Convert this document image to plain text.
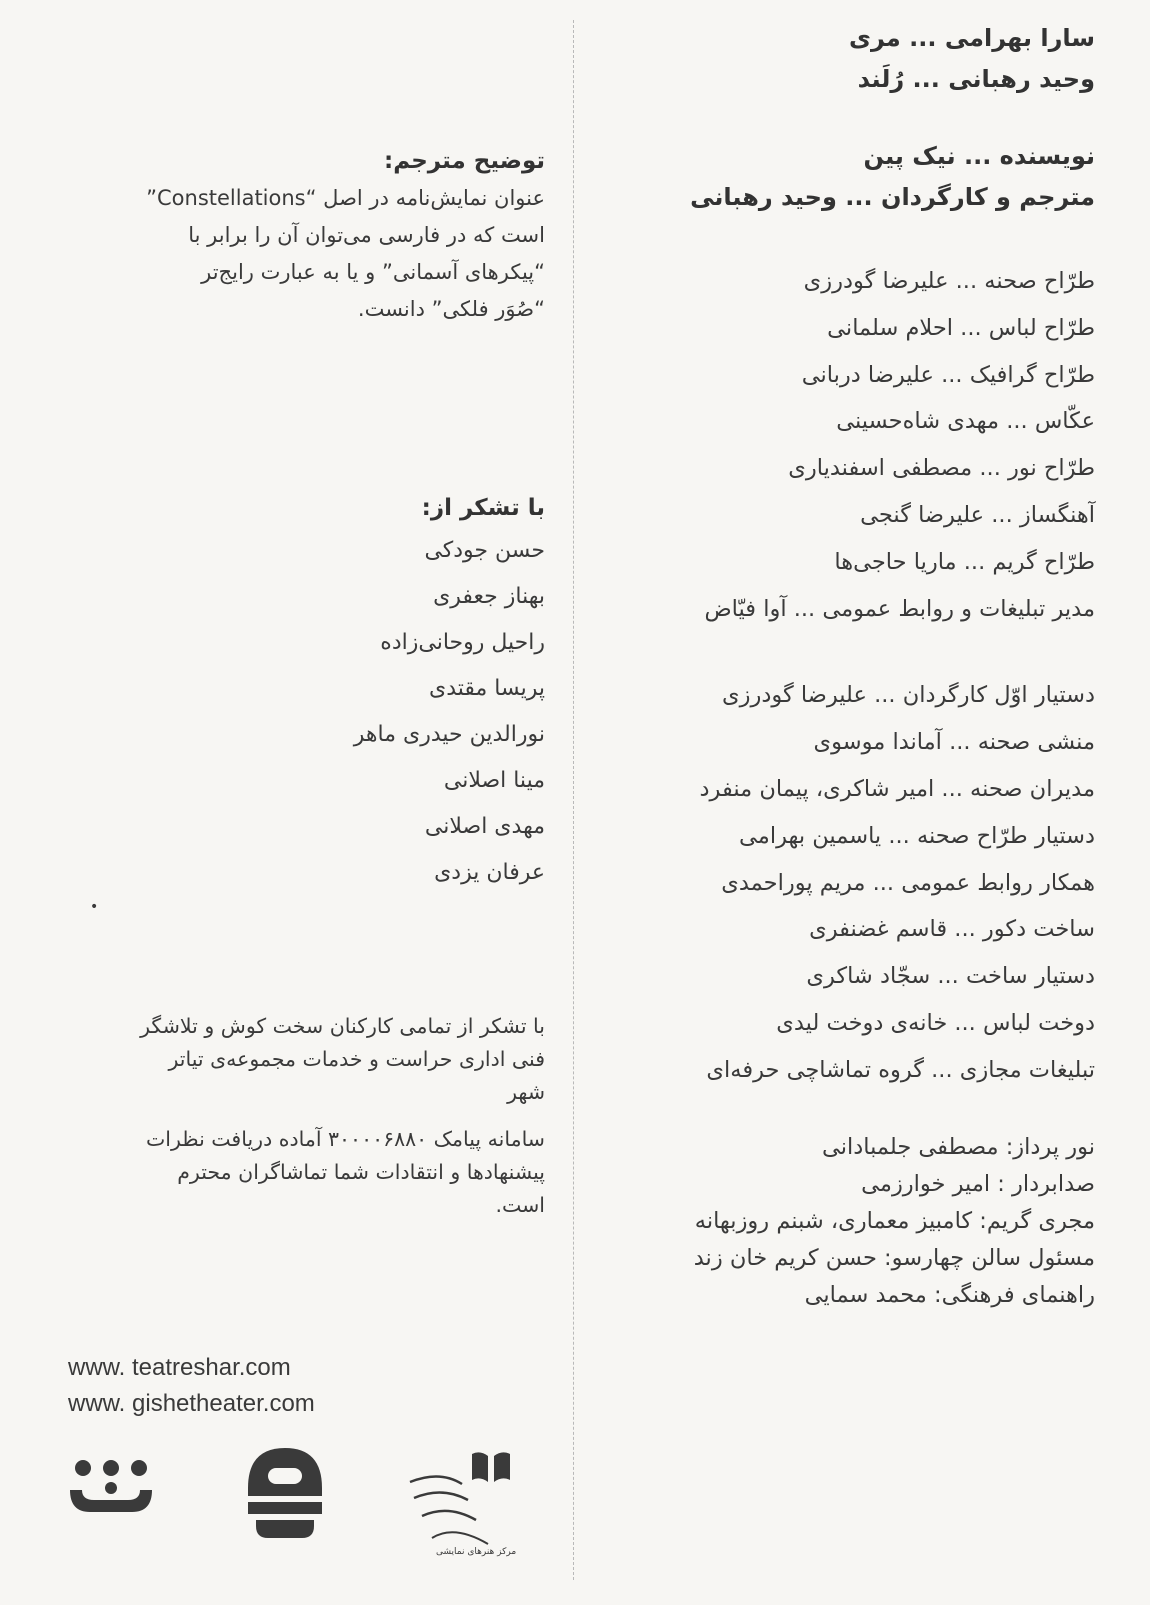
سارا بهرامی ... مری
وحید رهبانی ... رُلَند
نویسنده ... نیک پین
مترجم و کارگردان ... وحید رهبانی
طرّاح صحنه ... علیرضا گودرزی
طرّاح لباس ... احلام سلمانی
طرّاح گرافیک ... علیرضا دربانی
عکّاس ... مهدی شاه‌حسینی
طرّاح نور ... مصطفی اسفندیاری
آهنگساز ... علیرضا گنجی
طرّاح گریم ... ماریا حاجی‌ها
مدیر تبلیغات و روابط عمومی ... آوا فیّاض
دستیار اوّل کارگردان ... علیرضا گودرزی
منشی صحنه ... آماندا موسوی
مدیران صحنه ... امیر شاکری، پیمان منفرد
دستیار طرّاح صحنه ... یاسمین بهرامی
همکار روابط عمومی ... مریم پوراحمدی
ساخت دکور ... قاسم غضنفری
دستیار ساخت ... سجّاد شاکری
دوخت لباس ... خانه‌ی دوخت لیدی
تبلیغات مجازی ... گروه تماشاچی حرفه‌ای
نور پرداز: مصطفی جلمبادانی
صدابردار : امیر خوارزمی
مجری گریم: کامبیز معماری، شبنم روزبهانه
مسئول سالن چهارسو: حسن کریم خان زند
راهنمای فرهنگی: محمد سمایی
توضیح مترجم:
عنوان نمایش‌نامه در اصل “Constellations”
است که در فارسی می‌توان آن را برابر با
“پیکرهای آسمانی” و یا به عبارت رایج‌تر
“صُوَر فلکی” دانست.
با تشکر از:
حسن جودکی
بهناز جعفری
راحیل روحانی‌زاده
پریسا مقتدی
نورالدین حیدری ماهر
مینا اصلانی
مهدی اصلانی
عرفان یزدی
•
با تشکر از تمامی کارکنان سخت کوش و تلاشگر
فنی اداری حراست و خدمات مجموعه‌ی تیاتر
شهر
سامانه پیامک ۳۰۰۰۰۶۸۸۰ آماده دریافت نظرات
پیشنهادها و انتقادات شما تماشاگران محترم
است.
www. teatreshar.com
www. gishetheater.com
مرکز هنرهای نمایشی
